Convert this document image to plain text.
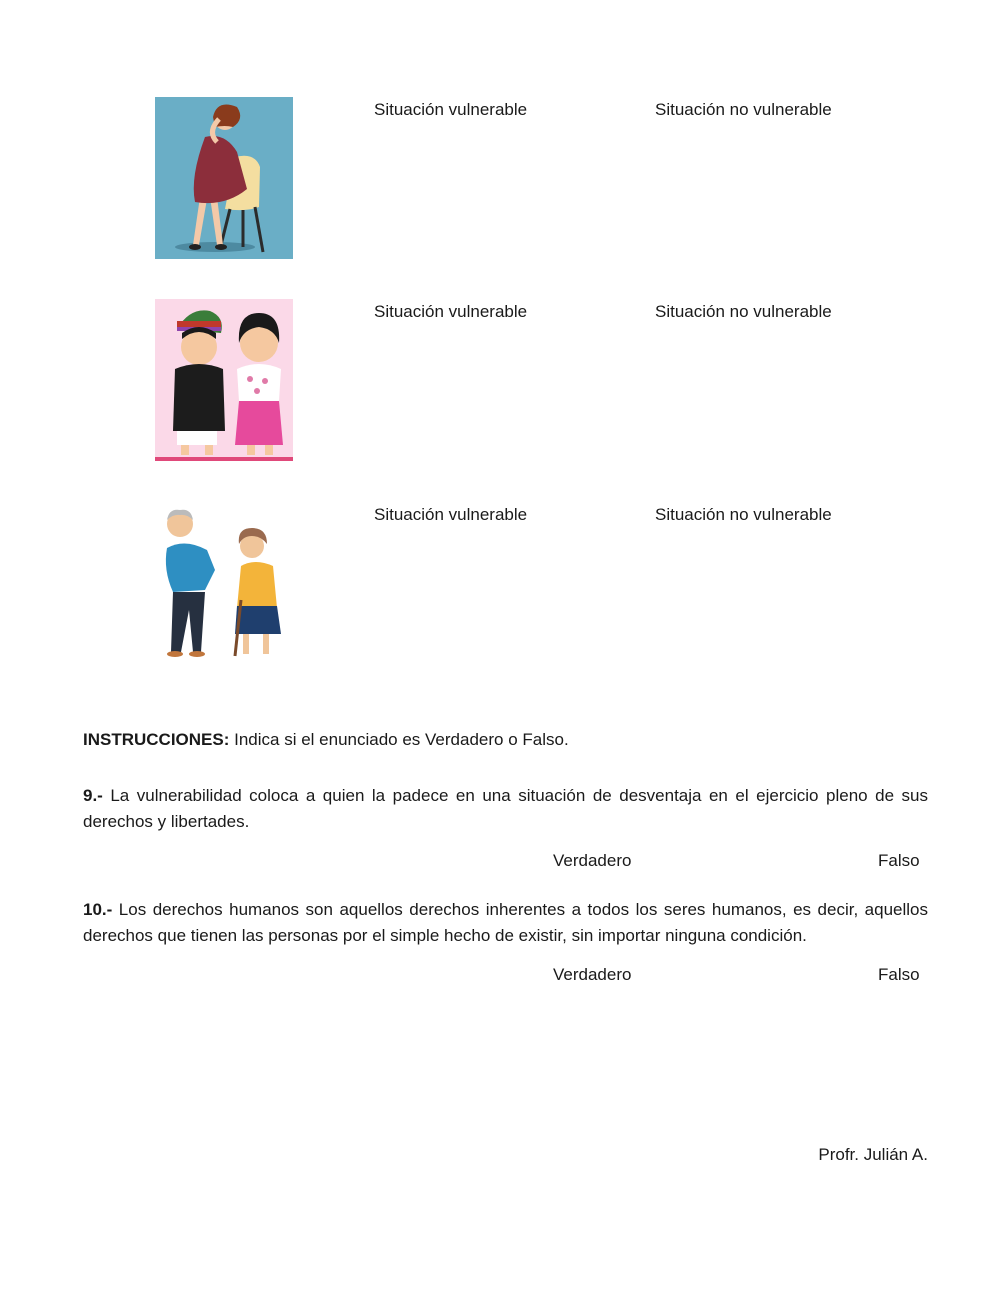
Situación vulnerable	Situación no vulnerable
Situación vulnerable	Situación no vulnerable
Situación vulnerable	Situación no vulnerable
INSTRUCCIONES: Indica si el enunciado es Verdadero o Falso.
9.- La vulnerabilidad coloca a quien la padece en una situación de desventaja en el ejercicio pleno de sus derechos y libertades.
Verdadero	Falso
10.- Los derechos humanos son aquellos derechos inherentes a todos los seres humanos, es decir, aquellos derechos que tienen las personas por el simple hecho de existir, sin importar ninguna condición.
Verdadero	Falso
Profr. Julián A.
